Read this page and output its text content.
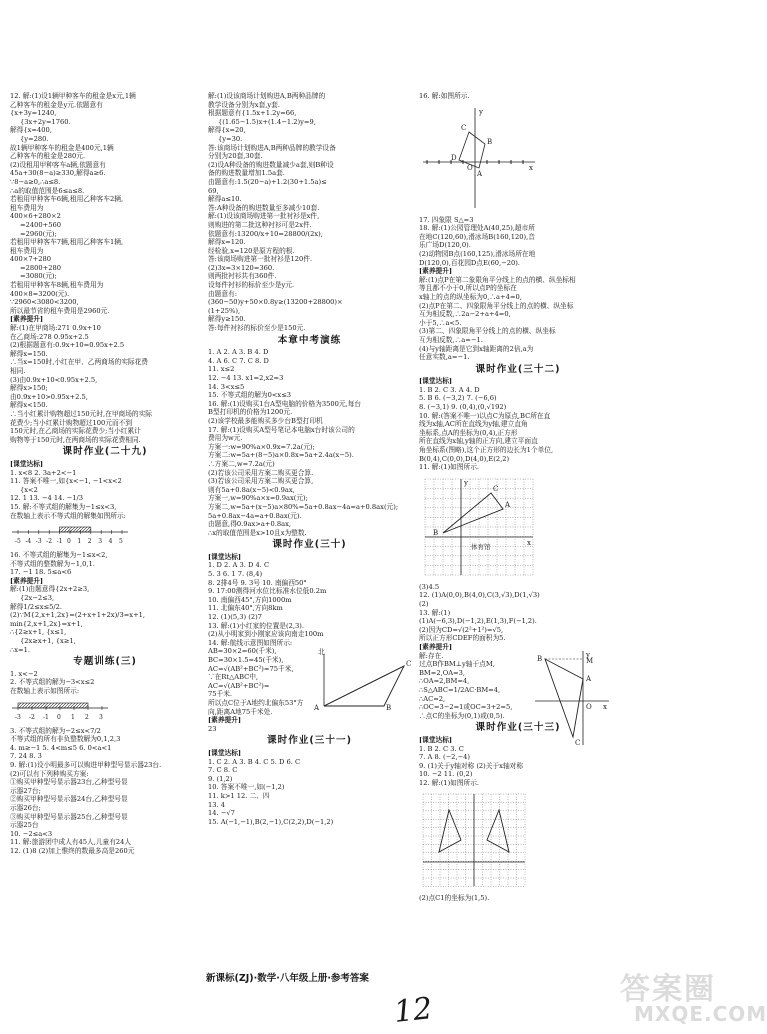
12. 解:(1)设1辆甲种客车的租金是x元,1辆
乙种客车的租金是y元.依题意有
{x+3y=1240,
{3x+2y=1760.
解得{x=400,
{y=280.
故1辆甲种客车的租金是400元,1辆
乙种客车的租金是280元.
(2)设租用甲种客车a辆,依题意有
45a+30(8−a)≥330,解得a≥6.
∵8−a≥0,∴a≤8.
∴a的取值范围是6≤a≤8.
若租用甲种客车6辆,租用乙种客车2辆,
租车费用为
400×6+280×2
=2400+560
=2960(元);
若租用甲种客车7辆,租用乙种客车1辆,
租车费用为
400×7+280
=2800+280
=3080(元);
若租用甲种客车8辆,租车费用为
400×8=3200(元).
∵2960<3080<3200,
所以最节省的租车费用是2960元.
[素养提升]
解:(1)在甲商场:271 0.9x+10
在乙商场:278 0.95x+2.5
(2)根据题意有:0.9x+10=0.95x+2.5
解得x=150.
∴当x=150时,小红在甲、乙两商场的实际花费
相同.
(3)由0.9x+10<0.95x+2.5,
解得x>150;
由0.9x+10>0.95x+2.5,
解得x<150.
∴当小红累计购物超过150元时,在甲商场的实际
花费少;当小红累计购物超过100元而不到
150元时,在乙商场的实际花费少;当小红累计
购物等于150元时,在两商场的实际花费相同.
课时作业(二十九)
[课堂达标]
1. x<8 2. 3a+2<−1
11. 答案不唯一,如{x<−1, −1<x<2
{x<2
12. 1 13. −4 14. −1/3
15. 解:不等式组的解集为−1≤x<3,
在数轴上表示不等式组的解集如图所示:
-5 -4 -3 -2 -1 0 1 2 3 4 5
16. 不等式组的解集为−1≤x<2,
不等式组的整数解为−1,0,1.
17. −1 18. 5≤a<6
[素养提升]
解:(1)由题意得{2x+2≥3,
{2x−2≤3,
解得1/2≤x≤5/2.
(2)∵M{2,x+1,2x}=(2+x+1+2x)/3=x+1,
min{2,x+1,2x}=x+1,
∴{2≥x+1, {x≤1,
{2x≥x+1, {x≥1,
∴x=1.
专题训练(三)
1. x<−2
2. 不等式组的解为−3<x≤2
在数轴上表示如图所示:
-3 -2 -1 0 1 2 3
3. 不等式组的解为−2≤x<7/2
不等式组的所有非负整数解为0,1,2,3
4. m≥−1 5. 4<m≤5 6. 0<a<1
7. 24 8. 3
9. 解:(1)设小明最多可以购进甲种型号显示器23台.
(2)可以有下列种购买方案:
①购买甲种型号显示器23台,乙种型号显
示器27台;
②购买甲种型号显示器24台,乙种型号显
示器26台;
③购买甲种型号显示器25台,乙种型号显
示器25台
10. −2≤a<3
11. 解:旅游团中成人有45人,儿童有24人
12. (1)8 (2)加上惟终的数最多高是260元
解:(1)设该商场计划购进A,B两种品牌的
教学设备分别为x套,y套.
根据题意有{1.5x+1.2y=66,
{(1.65−1.5)x+(1.4−1.2)y=9,
解得{x=20,
{y=30.
答:该商场计划购进A,B两种品牌的教学设备
分别为20套,30套.
(2)设A种设备的购进数量减少a套,则B种设
备的购进数量增加1.5a套.
由题意有:1.5(20−a)+1.2(30+1.5a)≤
69,
解得a≤10.
答:A种设备的购进数量至多减少10套.
解:(1)设该商场购进第一批衬衫是x件,
则购进的第二批这种衬衫可是2x件.
依题意有:13200/x+10=28800/(2x),
解得x=120.
经检验,x=120是原方程的根.
答:该商场购进第一批衬衫是120件.
(2)3x=3×120=360.
则两批衬衫共有360件.
设每件衬衫的标价至少是y元.
由题意有:
(360−50)y+50×0.8y≥(13200+28800)×
(1+25%),
解得y≥150.
答:每件衬衫的标价至少是150元.
本章中考演练
1. A 2. A 3. B 4. D
4. A 6. C 7. C 8. D
11. x≤2
12. −4 13. x1=2,x2=3
14. 3<x≤5
15. 不等式组的解为0<x≤3
16. 解:(1)设购买1台A型电脑的价格为3500元,每台
B型打印机的价格为1200元.
(2)该学校最多能购买多少台B型打印机
17. 解:(1)设购买A型号笔记本电脑x台时该公司的
费用为w元.
方案一:w=90%a×0.9x=7.2a(元);
方案二:w=5a+(8−5)a×0.8x=5a+2.4a(x−5).
∴方案二,w=7.2a(元)
(2)若该公司采用方案二购买更合算.
(3)若该公司采用方案二购买更合算,
则有5a+0.8a(x−5)<0.9ax,
方案一,w=90%a×x=0.9ax(元);
方案二,w=5a+(x−5)a×80%=5a+0.8ax−4a=a+0.8ax(元);
5a+0.8ax−4a=a+0.8ax(元).
由题意,得0.9ax>a+0.8ax,
∴x的取值范围是x>10且x为整数.
课时作业(三十)
[课堂达标]
1. D 2. A 3. D 4. C
5. 3 6. 1 7. (8,4)
8. 2排4号 9. 3号 10. 南偏西50°
9. 17:00测得河水位比标准水位低0.2m
10. 南偏西45°,方向1000m
11. 北偏东40°,方向8km
12. (1)(5,3) (2)7
13. 解:(1)小红家的位置是(2,3).
(2)从小明家到小刚家应该向南走100m
14. 解:航线示意图如图所示:
AB=30×2=60(千米),
BC=30×1.5=45(千米),
AC=√(AB²+BC²)=75千米,
∵在Rt△ABC中,
AC=√(AB²+BC²)=
75千米.
所以点C位于A地约北偏东53°方
向,距离A地75千米处.
[素养提升]
23
课时作业(三十一)
[课堂达标]
1. C 2. A 3. B 4. C 5. D 6. C
7. C 8. C
9. (1,2)
10. 答案不唯一,如(−1,2)
11. k>1 12. 二、四
13. 4
14. −√7
15. A(−1,−1),B(2,−1),C(2,2),D(−1,2)
北
A	B
C
16. 解:如图所示.
y
x
C
B
D
A
O
17. 四象限 S△=3
18. 解:(1)公园管理处A(40,25),超市所
在地C(120,60),滑冰场B(160,120),音
乐广场D(120,0).
(2)动物园B点(160,125),滑冰场所在地
D(120,0),百花园D点E(60,−20).
[素养提升]
解:(1)点P在第二象限角平分线上的点的横、纵坐标相
等且都不小于0,所以点P的坐标在
x轴上的点的纵坐标为0,∴a+4=0,
(2)点P在第二、四象限角平分线上的点的横、纵坐标
互为相反数,∴2a−2+a+4=0,
小于5,∴a<5.
(3)第二、四象限角平分线上的点的横、纵坐标
互为相反数,∴a=−1.
(4)与y轴距离是它到x轴距离的2倍,a为
任意实数,a=−1.
课时作业(三十二)
[课堂达标]
1. B 2. C 3. A 4. D
5. B 6. (−3,2) 7. (−6,6)
8. (−3,1) 9. (0,4),(0,√192)
10. 解:(答案不唯一)以点C为原点,BC所在直
线为x轴,AC所在直线为y轴,建立直角
坐标系,点A的坐标为(0,4),正方形
所在直线为x轴,y轴的正方向,建立平面直
角坐标系(图略),这个正方形的边长为1个单位,
B(0,4),C(0,0),D(4,0),E(2,2)
11. 解:(1)如图所示.
y
x
A
B
C
体育馆
(3)4.5
12. (1)A(0,0),B(4,0),C(3,√3),D(1,√3)
(2)
13. 解:(1)
(1)A(−6,3),D(−1,2),E(1,3),F(−1,2).
(2)因为CD=√(2²+1²)=√5,
所以正方形CDEF的面积为5.
[素养提升]
解:存在.
过点B作BM⊥y轴于点M,
BM=2,OA=3,
∴OA=2,BM=4,
∴S△ABC=1/2AC·BM=4,
∴AC=2,
∴OC=3−2=1或OC=3+2=5,
∴点C的坐标为(0,1)或(0,5).
课时作业(三十三)
[课堂达标]
1. B 2. C 3. C
7. A 8. (−2,−4)
9. (1)关于y轴对称 (2)关于x轴对称
10. −2 11. (0,2)
12. 解:(1)如图所示.
(2)点C1的坐标为(1,5).
y
x
M
B
A
C
O
新课标(ZJ)·数学·八年级上册·参考答案
12
答案圈
MXQE.COM
